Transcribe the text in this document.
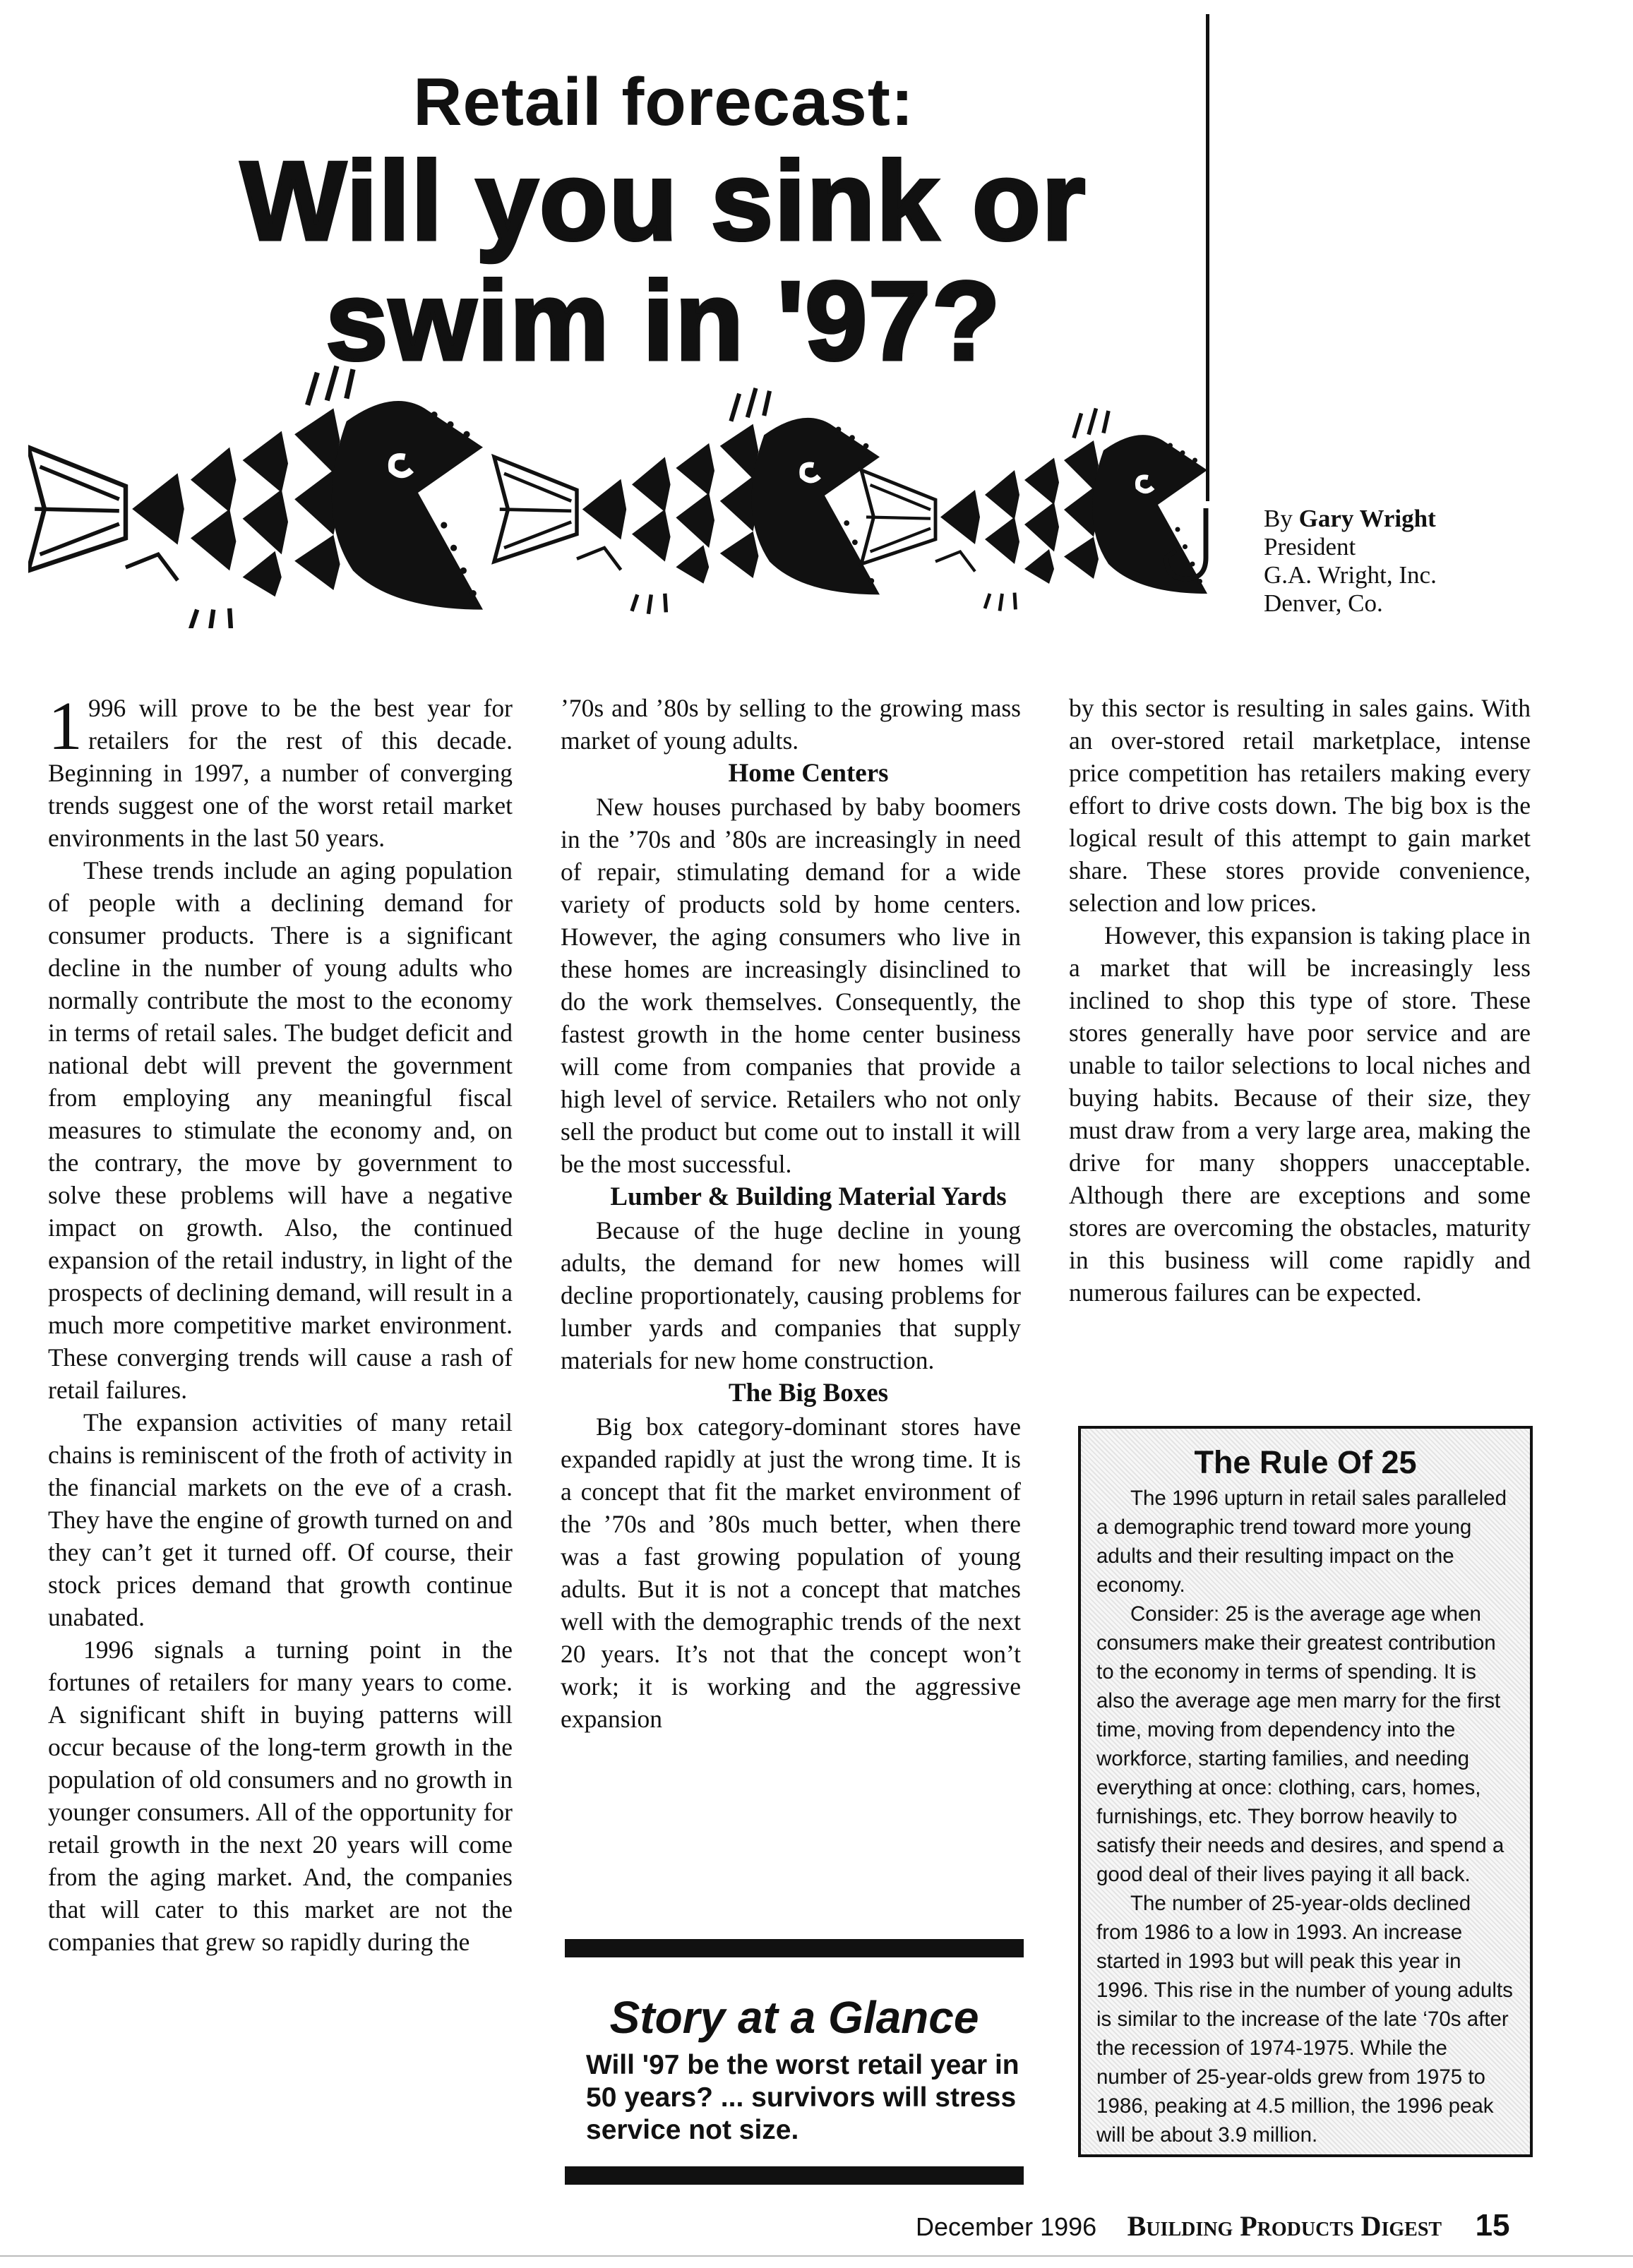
Retail forecast:
Will you sink or
swim in '97?
By Gary Wright
President
G.A. Wright, Inc.
Denver, Co.

1 996 will prove to be the best year for retailers for the rest of this decade. Beginning in 1997, a number of converging trends suggest one of the worst retail market environments in the last 50 years.

These trends include an aging population of people with a declining demand for consumer products. There is a significant decline in the number of young adults who normally contribute the most to the economy in terms of retail sales. The budget deficit and national debt will prevent the government from employing any meaningful fiscal measures to stimulate the economy and, on the contrary, the move by government to solve these problems will have a negative impact on growth. Also, the continued expansion of the retail industry, in light of the prospects of declining demand, will result in a much more competitive market environment. These converging trends will cause a rash of retail failures.

The expansion activities of many retail chains is reminiscent of the froth of activity in the financial markets on the eve of a crash. They have the engine of growth turned on and they can’t get it turned off. Of course, their stock prices demand that growth continue unabated.

1996 signals a turning point in the fortunes of retailers for many years to come. A significant shift in buying patterns will occur because of the long-term growth in the population of old consumers and no growth in younger consumers. All of the opportunity for retail growth in the next 20 years will come from the aging market. And, the companies that will cater to this market are not the companies that grew so rapidly during the

’70s and ’80s by selling to the growing mass market of young adults.

Home Centers

New houses purchased by baby boomers in the ’70s and ’80s are increasingly in need of repair, stimulating demand for a wide variety of products sold by home centers. However, the aging consumers who live in these homes are increasingly disinclined to do the work themselves. Consequently, the fastest growth in the home center business will come from companies that provide a high level of service. Retailers who not only sell the product but come out to install it will be the most successful.

Lumber & Building Material Yards

Because of the huge decline in young adults, the demand for new homes will decline proportionately, causing problems for lumber yards and companies that supply materials for new home construction.

The Big Boxes

Big box category-dominant stores have expanded rapidly at just the wrong time. It is a concept that fit the market environment of the ’70s and ’80s much better, when there was a fast growing population of young adults. But it is not a concept that matches well with the demographic trends of the next 20 years. It’s not that the concept won’t work; it is working and the aggressive expansion

by this sector is resulting in sales gains. With an over-stored retail marketplace, intense price competition has retailers making every effort to drive costs down. The big box is the logical result of this attempt to gain market share. These stores provide convenience, selection and low prices.

However, this expansion is taking place in a market that will be increasingly less inclined to shop this type of store. These stores generally have poor service and are unable to tailor selections to local niches and buying habits. Because of their size, they must draw from a very large area, making the drive for many shoppers unacceptable. Although there are exceptions and some stores are overcoming the obstacles, maturity in this business will come rapidly and numerous failures can be expected.

Story at a Glance
Will '97 be the worst retail year in 50 years? ... survivors will stress service not size.
The Rule Of 25

The 1996 upturn in retail sales paralleled a demographic trend toward more young adults and their resulting impact on the economy.

Consider: 25 is the average age when consumers make their greatest contribution to the economy in terms of spending. It is also the average age men marry for the first time, moving from dependency into the workforce, starting families, and needing everything at once: clothing, cars, homes, furnishings, etc. They borrow heavily to satisfy their needs and desires, and spend a good deal of their lives paying it all back.

The number of 25-year-olds declined from 1986 to a low in 1993. An increase started in 1993 but will peak this year in 1996. This rise in the number of young adults is similar to the increase of the late ‘70s after the recession of 1974-1975. While the number of 25-year-olds grew from 1975 to 1986, peaking at 4.5 million, the 1996 peak will be about 3.9 million.

December 1996 Building Products Digest 15
